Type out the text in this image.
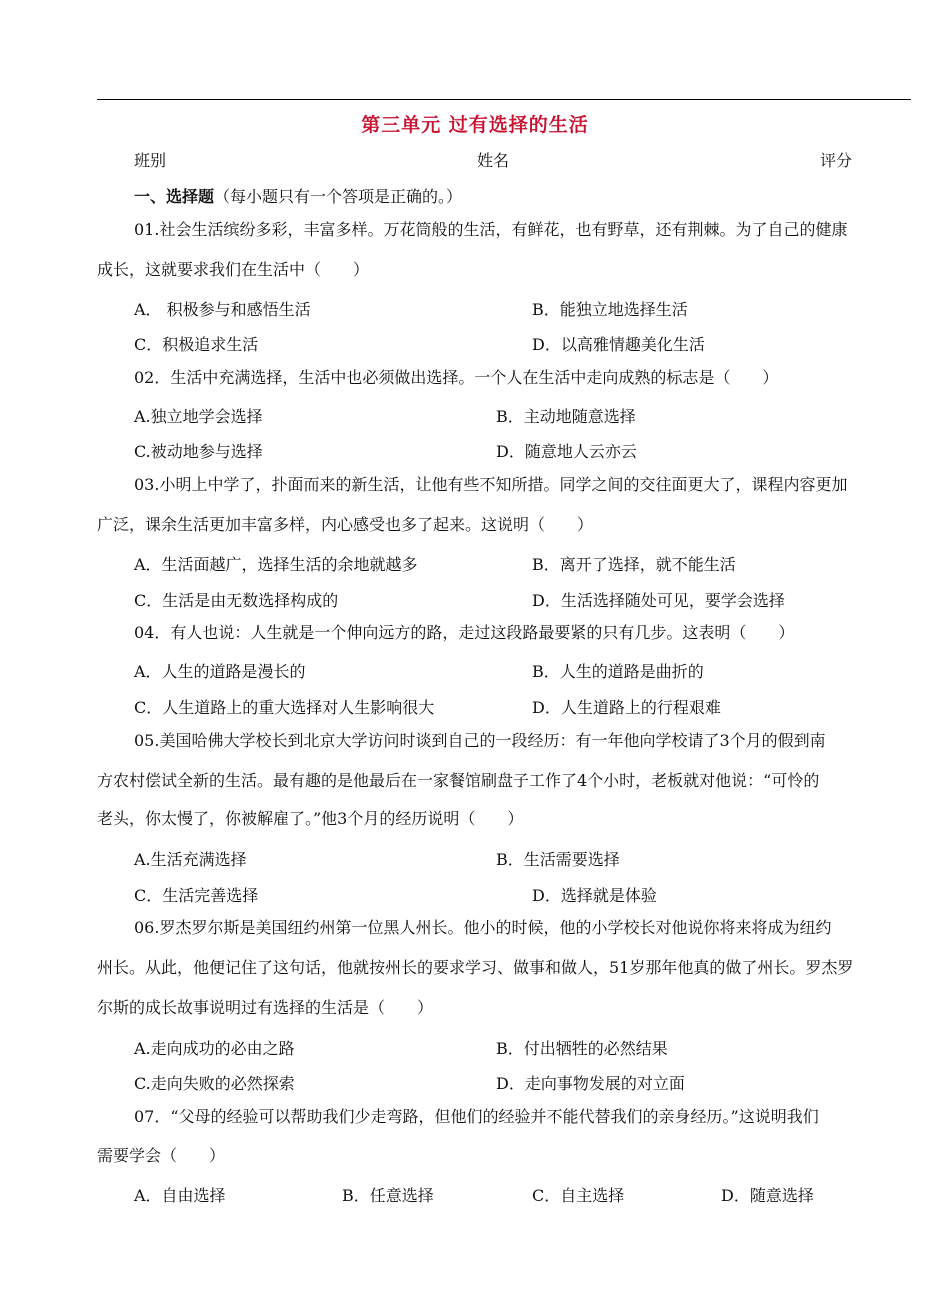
第三单元 过有选择的生活
班别	姓名	评分
一、选择题（每小题只有一个答项是正确的。）
01.社会生活缤纷多彩，丰富多样。万花筒般的生活，有鲜花，也有野草，还有荆棘。为了自己的健康
成长，这就要求我们在生活中（　　）
A． 积极参与和感悟生活	B．能独立地选择生活
C．积极追求生活	D．以高雅情趣美化生活
02．生活中充满选择，生活中也必须做出选择。一个人在生活中走向成熟的标志是（　　）
A.独立地学会选择	B．主动地随意选择
C.被动地参与选择	D．随意地人云亦云
03.小明上中学了，扑面而来的新生活，让他有些不知所措。同学之间的交往面更大了，课程内容更加
广泛，课余生活更加丰富多样，内心感受也多了起来。这说明（　　）
A．生活面越广，选择生活的余地就越多	B．离开了选择，就不能生活
C．生活是由无数选择构成的	D．生活选择随处可见，要学会选择
04．有人也说：人生就是一个伸向远方的路，走过这段路最要紧的只有几步。这表明（　　）
A．人生的道路是漫长的	B．人生的道路是曲折的
C．人生道路上的重大选择对人生影响很大	D．人生道路上的行程艰难
05.美国哈佛大学校长到北京大学访问时谈到自己的一段经历：有一年他向学校请了3个月的假到南
方农村偿试全新的生活。最有趣的是他最后在一家餐馆刷盘子工作了4个小时，老板就对他说：“可怜的
老头，你太慢了，你被解雇了。”他3个月的经历说明（　　）
A.生活充满选择	B．生活需要选择
C．生活完善选择	D．选择就是体验
06.罗杰罗尔斯是美国纽约州第一位黑人州长。他小的时候，他的小学校长对他说你将来将成为纽约
州长。从此，他便记住了这句话，他就按州长的要求学习、做事和做人，51岁那年他真的做了州长。罗杰罗
尔斯的成长故事说明过有选择的生活是（　　）
A.走向成功的必由之路	B．付出牺牲的必然结果
C.走向失败的必然探索	D．走向事物发展的对立面
07．“父母的经验可以帮助我们少走弯路，但他们的经验并不能代替我们的亲身经历。”这说明我们
需要学会（　　）
A．自由选择	B．任意选择	C．自主选择	D．随意选择
